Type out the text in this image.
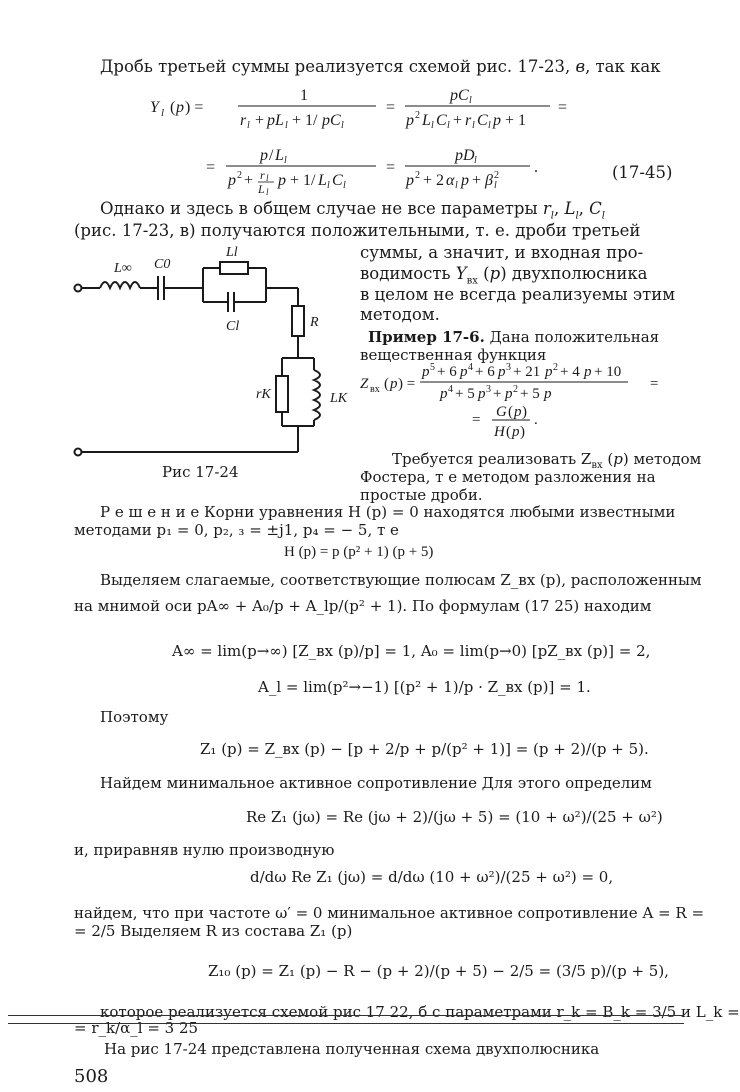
Дробь третьей суммы реализуется схемой рис. 17-23, в, так как
Y l ( p ) =
1
r l + pL l + 1/ pC l
=
pC l
p 2 L l C l + r l C l p + 1
=
=
p / L l
p 2 + r l
L l
p + 1/ L l C l
=
pD l
p 2 + 2 α l p + β 2
l
.	(17-45)
Однако и здесь в общем случае не все параметры $r_l$, $L_l$, $C_l$
(рис. 17-23, в) получаются положительными, т. е. дроби третьей
суммы, а значит, и входная про-
водимость $Y_{вх}$ (p) двухполюсника
в целом не всегда реализуемы этим
методом.
L∞ C0
Ll
Cl	R
rK	LK
Рис 17-24
Пример 17-6. Дана положительная
вещественная функция
Z вх ( p ) =
p 5 + 6 p 4 + 6 p 3 + 21 p 2 + 4 p + 10
p 4 + 5 p 3 + p 2 + 5 p
=
= G ( p )
H ( p )
.
Требуется реализовать $Z_{вх}$ (p) методом
Фостера, т е методом разложения на
простые дроби.
Р е ш е н и е Корни уравнения H (p) = 0 находятся любыми известными
методами p₁ = 0, p₂, ₃ = ±j1, p₄ = − 5, т е
H (p) = p (p² + 1) (p + 5)
Выделяем слагаемые, соответствующие полюсам Z_вх (p), расположенным
на мнимой оси pA∞ + A₀/p + A_lp/(p² + 1). По формулам (17 25) находим
A∞ = lim(p→∞) [Z_вх (p)/p] = 1, A₀ = lim(p→0) [pZ_вх (p)] = 2,
A_l = lim(p²→−1) [(p² + 1)/p · Z_вх (p)] = 1.
Поэтому
Z₁ (p) = Z_вх (p) − [p + 2/p + p/(p² + 1)] = (p + 2)/(p + 5).
Найдем минимальное активное сопротивление Для этого определим
Re Z₁ (jω) = Re (jω + 2)/(jω + 5) = (10 + ω²)/(25 + ω²)
и, приравняв нулю производную
d/dω Re Z₁ (jω) = d/dω (10 + ω²)/(25 + ω²) = 0,
найдем, что при частоте ω′ = 0 минимальное активное сопротивление A = R =
= 2/5 Выделяем R из состава Z₁ (p)
Z₁₀ (p) = Z₁ (p) − R − (p + 2)/(p + 5) − 2/5 = (3/5 p)/(p + 5),
которое реализуется схемой рис 17 22, б с параметрами r_k = B_k = 3/5 и L_k =
= r_k/α_l = 3 25
На рис 17-24 представлена полученная схема двухполюсника
508
